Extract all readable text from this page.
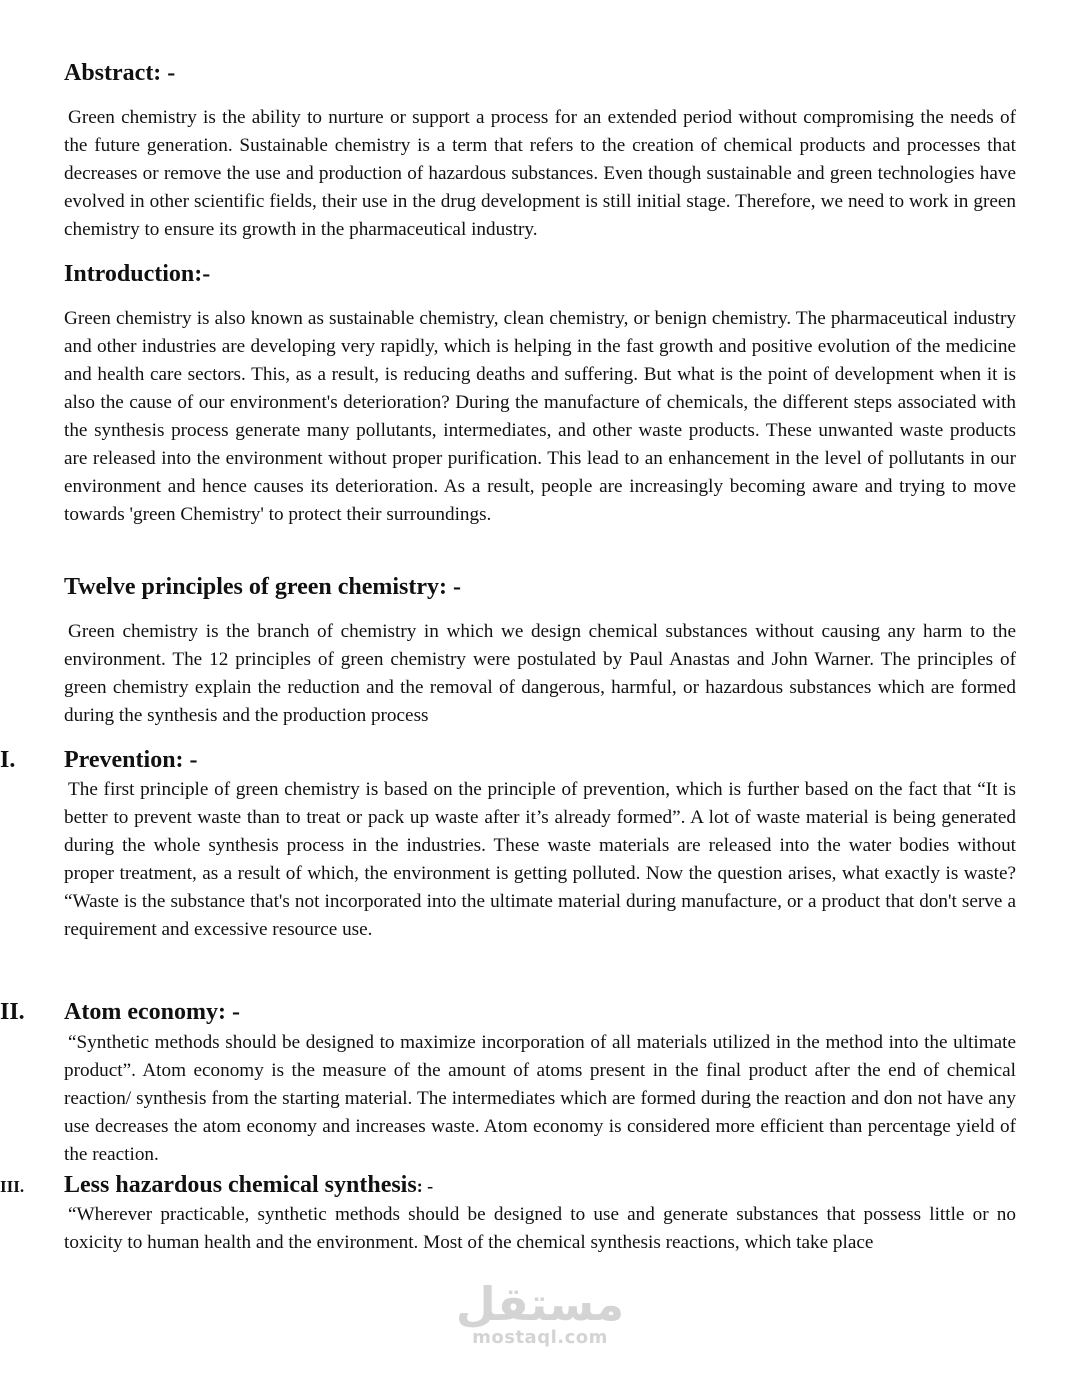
Abstract: -
Green chemistry is the ability to nurture or support a process for an extended period without compromising the needs of the future generation. Sustainable chemistry is a term that refers to the creation of chemical products and processes that decreases or remove the use and production of hazardous substances. Even though sustainable and green technologies have evolved in other scientific fields, their use in the drug development is still initial stage. Therefore, we need to work in green chemistry to ensure its growth in the pharmaceutical industry.
Introduction:-
Green chemistry is also known as sustainable chemistry, clean chemistry, or benign chemistry. The pharmaceutical industry and other industries are developing very rapidly, which is helping in the fast growth and positive evolution of the medicine and health care sectors. This, as a result, is reducing deaths and suffering. But what is the point of development when it is also the cause of our environment's deterioration? During the manufacture of chemicals, the different steps associated with the synthesis process generate many pollutants, intermediates, and other waste products. These unwanted waste products are released into the environment without proper purification. This lead to an enhancement in the level of pollutants in our environment and hence causes its deterioration. As a result, people are increasingly becoming aware and trying to move towards 'green Chemistry' to protect their surroundings.
Twelve principles of green chemistry: -
Green chemistry is the branch of chemistry in which we design chemical substances without causing any harm to the environment. The 12 principles of green chemistry were postulated by Paul Anastas and John Warner. The principles of green chemistry explain the reduction and the removal of dangerous, harmful, or hazardous substances which are formed during the synthesis and the production process
I. Prevention: -
The first principle of green chemistry is based on the principle of prevention, which is further based on the fact that “It is better to prevent waste than to treat or pack up waste after it’s already formed”. A lot of waste material is being generated during the whole synthesis process in the industries. These waste materials are released into the water bodies without proper treatment, as a result of which, the environment is getting polluted. Now the question arises, what exactly is waste? “Waste is the substance that's not incorporated into the ultimate material during manufacture, or a product that don't serve a requirement and excessive resource use.
II. Atom economy: -
“Synthetic methods should be designed to maximize incorporation of all materials utilized in the method into the ultimate product”. Atom economy is the measure of the amount of atoms present in the final product after the end of chemical reaction/ synthesis from the starting material. The intermediates which are formed during the reaction and don not have any use decreases the atom economy and increases waste. Atom economy is considered more efficient than percentage yield of the reaction.
III. Less hazardous chemical synthesis: -
“Wherever practicable, synthetic methods should be designed to use and generate substances that possess little or no toxicity to human health and the environment. Most of the chemical synthesis reactions, which take place
مستقل
mostaql.com
